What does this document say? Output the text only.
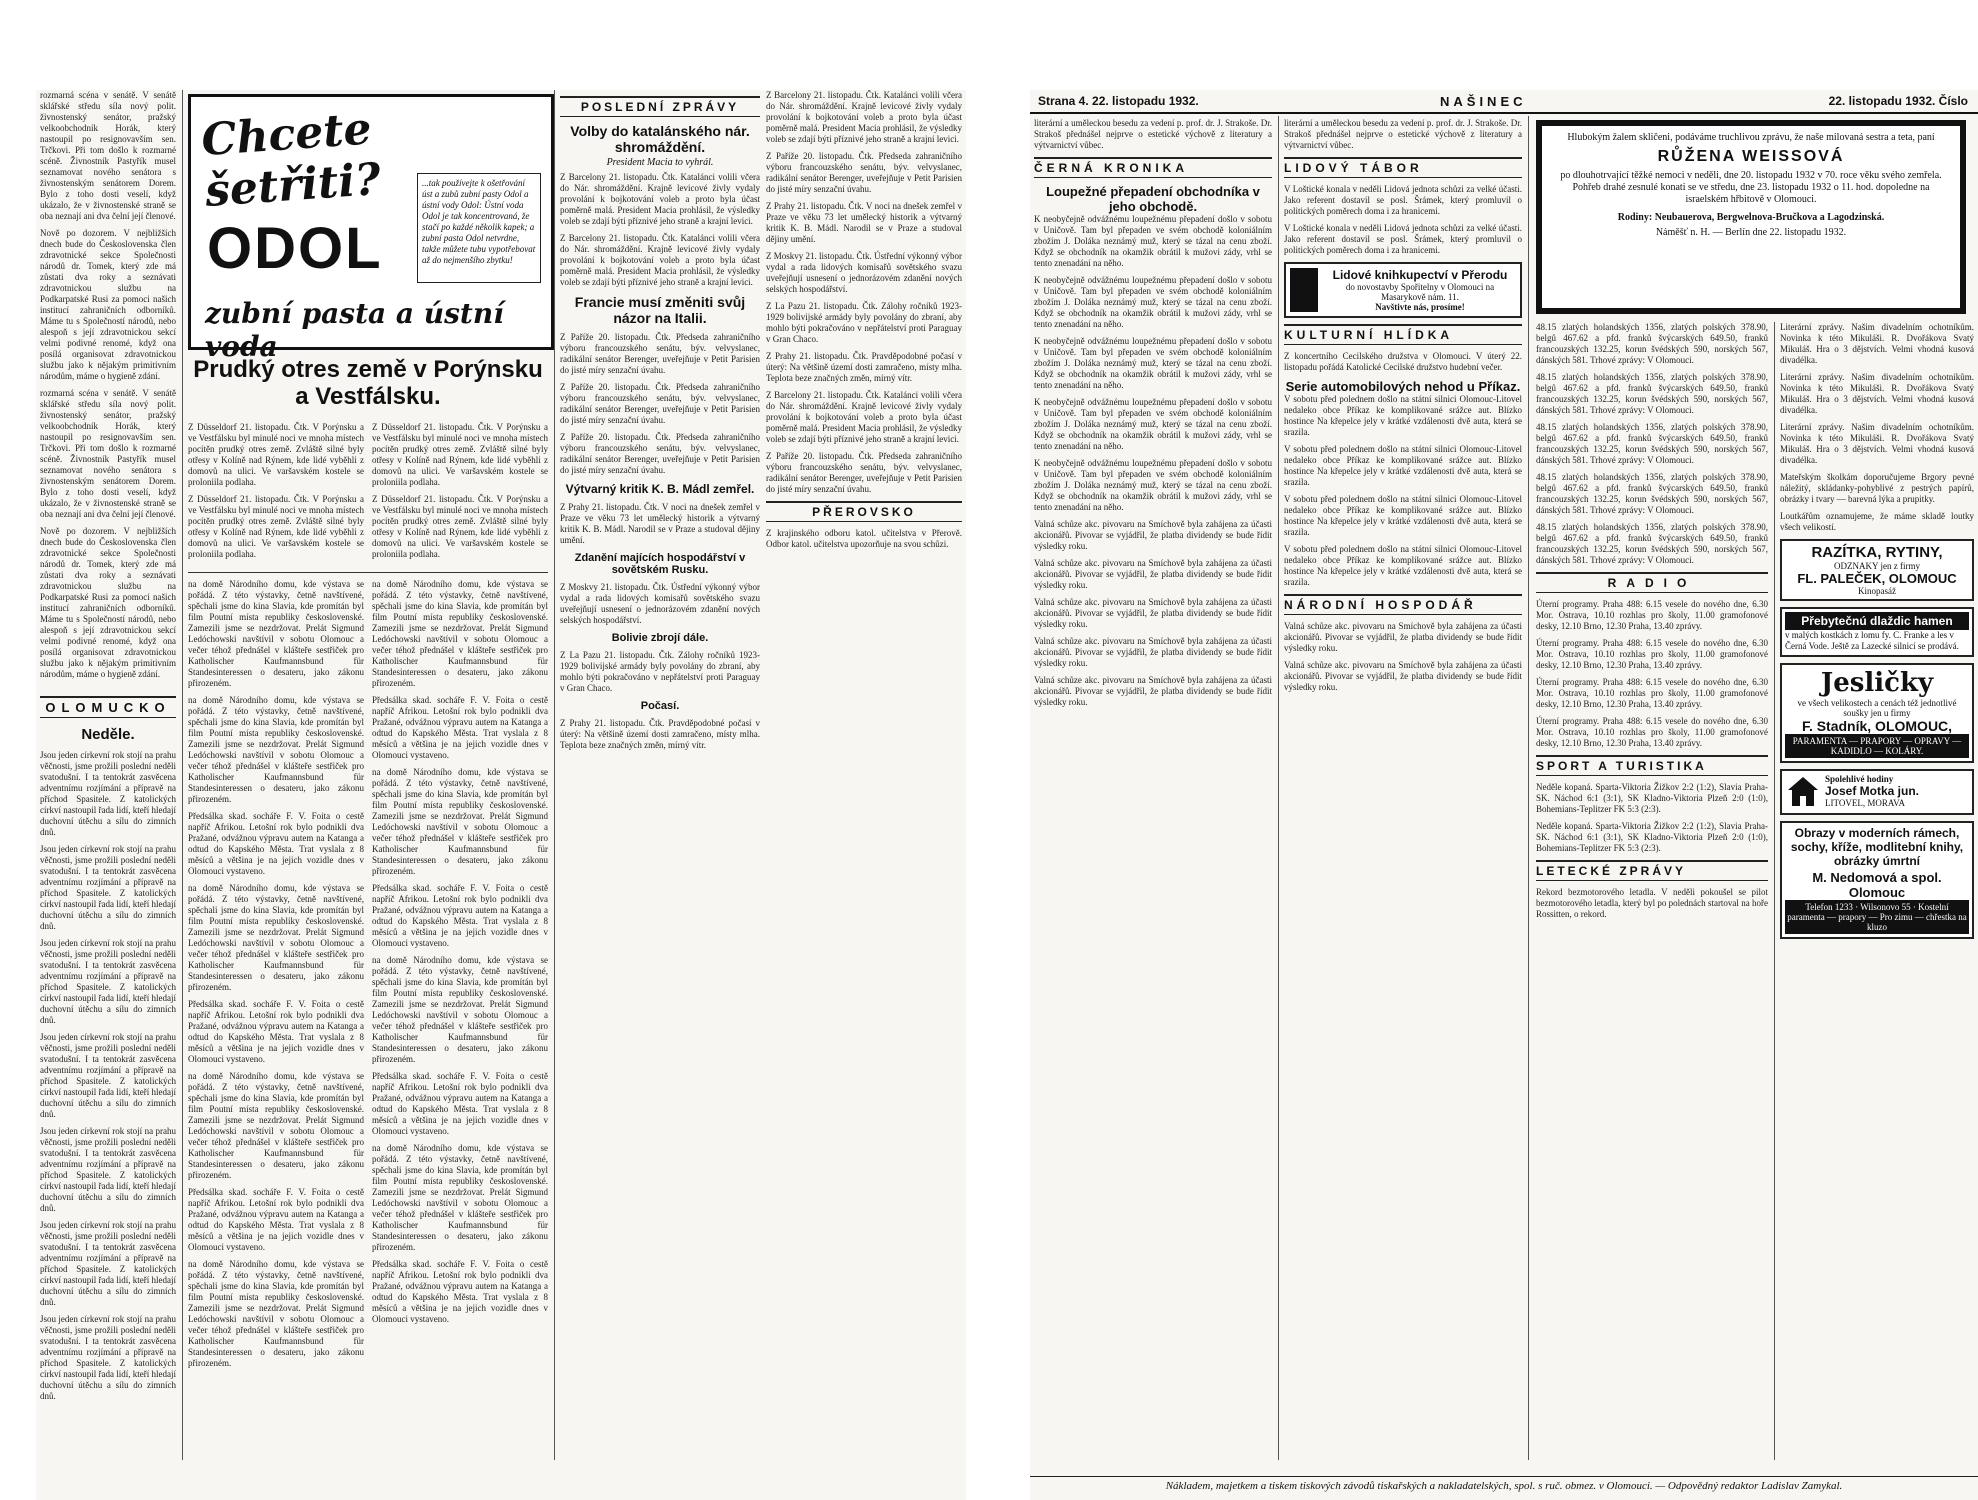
rozmarná scéna v senátě. V senátě sklářské středu síla nový polit. živnostenský senátor, pražský velkoobchodník Horák, který nastoupil po resignovavším sen. Trčkovi. Při tom došlo k rozmarné scéně. Živnostník Pastyřík musel seznamovat nového senátora s živnostenským senátorem Dorem. Bylo z toho dosti veselí, když ukázalo, že v živnostenské straně se oba neznají ani dva čelní její členové.

Nově po dozorem. V nejbližších dnech bude do Československa člen zdravotnické sekce Společnosti národů dr. Tomek, který zde má zůstati dva roky a seznávati zdravotnickou službu na Podkarpatské Rusi za pomoci našich institucí zahraničních odborníků. Máme tu s Společností národů, nebo alespoň s její zdravotnickou sekcí velmi podivné renomé, když ona posílá organisovat zdravotnickou službu jako k nějakým primitivním národům, máme o hygieně zdání.

rozmarná scéna v senátě. V senátě sklářské středu síla nový polit. živnostenský senátor, pražský velkoobchodník Horák, který nastoupil po resignovavším sen. Trčkovi. Při tom došlo k rozmarné scéně. Živnostník Pastyřík musel seznamovat nového senátora s živnostenským senátorem Dorem. Bylo z toho dosti veselí, když ukázalo, že v živnostenské straně se oba neznají ani dva čelní její členové.

Nově po dozorem. V nejbližších dnech bude do Československa člen zdravotnické sekce Společnosti národů dr. Tomek, který zde má zůstati dva roky a seznávati zdravotnickou službu na Podkarpatské Rusi za pomoci našich institucí zahraničních odborníků. Máme tu s Společností národů, nebo alespoň s její zdravotnickou sekcí velmi podivné renomé, když ona posílá organisovat zdravotnickou službu jako k nějakým primitivním národům, máme o hygieně zdání.

OLOMUCKO
Neděle.

Jsou jeden církevní rok stojí na prahu věčnosti, jsme prožili poslední neděli svatodušní. I ta tentokrát zasvěcena adventnímu rozjímání a přípravě na příchod Spasitele. Z katolických církví nastoupil řada lidí, kteří hledají duchovní útěchu a sílu do zimních dnů.

Jsou jeden církevní rok stojí na prahu věčnosti, jsme prožili poslední neděli svatodušní. I ta tentokrát zasvěcena adventnímu rozjímání a přípravě na příchod Spasitele. Z katolických církví nastoupil řada lidí, kteří hledají duchovní útěchu a sílu do zimních dnů.

Jsou jeden církevní rok stojí na prahu věčnosti, jsme prožili poslední neděli svatodušní. I ta tentokrát zasvěcena adventnímu rozjímání a přípravě na příchod Spasitele. Z katolických církví nastoupil řada lidí, kteří hledají duchovní útěchu a sílu do zimních dnů.

Jsou jeden církevní rok stojí na prahu věčnosti, jsme prožili poslední neděli svatodušní. I ta tentokrát zasvěcena adventnímu rozjímání a přípravě na příchod Spasitele. Z katolických církví nastoupil řada lidí, kteří hledají duchovní útěchu a sílu do zimních dnů.

Jsou jeden církevní rok stojí na prahu věčnosti, jsme prožili poslední neděli svatodušní. I ta tentokrát zasvěcena adventnímu rozjímání a přípravě na příchod Spasitele. Z katolických církví nastoupil řada lidí, kteří hledají duchovní útěchu a sílu do zimních dnů.

Jsou jeden církevní rok stojí na prahu věčnosti, jsme prožili poslední neděli svatodušní. I ta tentokrát zasvěcena adventnímu rozjímání a přípravě na příchod Spasitele. Z katolických církví nastoupil řada lidí, kteří hledají duchovní útěchu a sílu do zimních dnů.

Jsou jeden církevní rok stojí na prahu věčnosti, jsme prožili poslední neděli svatodušní. I ta tentokrát zasvěcena adventnímu rozjímání a přípravě na příchod Spasitele. Z katolických církví nastoupil řada lidí, kteří hledají duchovní útěchu a sílu do zimních dnů.

Chcete šetřiti?	...tak používejte k ošetřování úst a zubů zubní pasty Odol a ústní vody Odol: Ústní voda Odol je tak koncentrovaná, že stačí po každé několik kapek; a zubní pasta Odol netvrdne, takže můžete tubu vypotřebovat až do nejmenšího zbytku!
ODOL
zubní pasta a ústní voda
Prudký otres země v Porýnsku a Vestfálsku.

Z Düsseldorf 21. listopadu. Čtk. V Porýnsku a ve Vestfálsku byl minulé noci ve mnoha místech pocítěn prudký otres země. Zvláště silné byly otřesy v Kolíně nad Rýnem, kde lidé vyběhli z domovů na ulici. Ve varšavském kostele se proloniila podlaha.

Z Düsseldorf 21. listopadu. Čtk. V Porýnsku a ve Vestfálsku byl minulé noci ve mnoha místech pocítěn prudký otres země. Zvláště silné byly otřesy v Kolíně nad Rýnem, kde lidé vyběhli z domovů na ulici. Ve varšavském kostele se proloniila podlaha.

Z Düsseldorf 21. listopadu. Čtk. V Porýnsku a ve Vestfálsku byl minulé noci ve mnoha místech pocítěn prudký otres země. Zvláště silné byly otřesy v Kolíně nad Rýnem, kde lidé vyběhli z domovů na ulici. Ve varšavském kostele se proloniila podlaha.

Z Düsseldorf 21. listopadu. Čtk. V Porýnsku a ve Vestfálsku byl minulé noci ve mnoha místech pocítěn prudký otres země. Zvláště silné byly otřesy v Kolíně nad Rýnem, kde lidé vyběhli z domovů na ulici. Ve varšavském kostele se proloniila podlaha.

na domě Národního domu, kde výstava se pořádá. Z této výstavky, četně navštívené, spěchali jsme do kina Slavia, kde promítán byl film Poutní místa republiky československé. Zamezili jsme se nezdržovat. Prelát Sigmund Ledóchowski navštívil v sobotu Olomouc a večer téhož přednášel v klášteře sestřiček pro Katholischer Kaufmannsbund für Standesinteressen o desateru, jako zákonu přirozeném.

na domě Národního domu, kde výstava se pořádá. Z této výstavky, četně navštívené, spěchali jsme do kina Slavia, kde promítán byl film Poutní místa republiky československé. Zamezili jsme se nezdržovat. Prelát Sigmund Ledóchowski navštívil v sobotu Olomouc a večer téhož přednášel v klášteře sestřiček pro Katholischer Kaufmannsbund für Standesinteressen o desateru, jako zákonu přirozeném.

Předsálka skad. socháře F. V. Foita o cestě napříč Afrikou. Letošní rok bylo podnikli dva Pražané, odvážnou výpravu autem na Katanga a odtud do Kapského Města. Trat vyslala z 8 měsíců a většina je na jejich vozidle dnes v Olomouci vystaveno.

na domě Národního domu, kde výstava se pořádá. Z této výstavky, četně navštívené, spěchali jsme do kina Slavia, kde promítán byl film Poutní místa republiky československé. Zamezili jsme se nezdržovat. Prelát Sigmund Ledóchowski navštívil v sobotu Olomouc a večer téhož přednášel v klášteře sestřiček pro Katholischer Kaufmannsbund für Standesinteressen o desateru, jako zákonu přirozeném.

Předsálka skad. socháře F. V. Foita o cestě napříč Afrikou. Letošní rok bylo podnikli dva Pražané, odvážnou výpravu autem na Katanga a odtud do Kapského Města. Trat vyslala z 8 měsíců a většina je na jejich vozidle dnes v Olomouci vystaveno.

na domě Národního domu, kde výstava se pořádá. Z této výstavky, četně navštívené, spěchali jsme do kina Slavia, kde promítán byl film Poutní místa republiky československé. Zamezili jsme se nezdržovat. Prelát Sigmund Ledóchowski navštívil v sobotu Olomouc a večer téhož přednášel v klášteře sestřiček pro Katholischer Kaufmannsbund für Standesinteressen o desateru, jako zákonu přirozeném.

Předsálka skad. socháře F. V. Foita o cestě napříč Afrikou. Letošní rok bylo podnikli dva Pražané, odvážnou výpravu autem na Katanga a odtud do Kapského Města. Trat vyslala z 8 měsíců a většina je na jejich vozidle dnes v Olomouci vystaveno.

na domě Národního domu, kde výstava se pořádá. Z této výstavky, četně navštívené, spěchali jsme do kina Slavia, kde promítán byl film Poutní místa republiky československé. Zamezili jsme se nezdržovat. Prelát Sigmund Ledóchowski navštívil v sobotu Olomouc a večer téhož přednášel v klášteře sestřiček pro Katholischer Kaufmannsbund für Standesinteressen o desateru, jako zákonu přirozeném.

na domě Národního domu, kde výstava se pořádá. Z této výstavky, četně navštívené, spěchali jsme do kina Slavia, kde promítán byl film Poutní místa republiky československé. Zamezili jsme se nezdržovat. Prelát Sigmund Ledóchowski navštívil v sobotu Olomouc a večer téhož přednášel v klášteře sestřiček pro Katholischer Kaufmannsbund für Standesinteressen o desateru, jako zákonu přirozeném.

Předsálka skad. socháře F. V. Foita o cestě napříč Afrikou. Letošní rok bylo podnikli dva Pražané, odvážnou výpravu autem na Katanga a odtud do Kapského Města. Trat vyslala z 8 měsíců a většina je na jejich vozidle dnes v Olomouci vystaveno.

na domě Národního domu, kde výstava se pořádá. Z této výstavky, četně navštívené, spěchali jsme do kina Slavia, kde promítán byl film Poutní místa republiky československé. Zamezili jsme se nezdržovat. Prelát Sigmund Ledóchowski navštívil v sobotu Olomouc a večer téhož přednášel v klášteře sestřiček pro Katholischer Kaufmannsbund für Standesinteressen o desateru, jako zákonu přirozeném.

Předsálka skad. socháře F. V. Foita o cestě napříč Afrikou. Letošní rok bylo podnikli dva Pražané, odvážnou výpravu autem na Katanga a odtud do Kapského Města. Trat vyslala z 8 měsíců a většina je na jejich vozidle dnes v Olomouci vystaveno.

na domě Národního domu, kde výstava se pořádá. Z této výstavky, četně navštívené, spěchali jsme do kina Slavia, kde promítán byl film Poutní místa republiky československé. Zamezili jsme se nezdržovat. Prelát Sigmund Ledóchowski navštívil v sobotu Olomouc a večer téhož přednášel v klášteře sestřiček pro Katholischer Kaufmannsbund für Standesinteressen o desateru, jako zákonu přirozeném.

Předsálka skad. socháře F. V. Foita o cestě napříč Afrikou. Letošní rok bylo podnikli dva Pražané, odvážnou výpravu autem na Katanga a odtud do Kapského Města. Trat vyslala z 8 měsíců a většina je na jejich vozidle dnes v Olomouci vystaveno.

na domě Národního domu, kde výstava se pořádá. Z této výstavky, četně navštívené, spěchali jsme do kina Slavia, kde promítán byl film Poutní místa republiky československé. Zamezili jsme se nezdržovat. Prelát Sigmund Ledóchowski navštívil v sobotu Olomouc a večer téhož přednášel v klášteře sestřiček pro Katholischer Kaufmannsbund für Standesinteressen o desateru, jako zákonu přirozeném.

Předsálka skad. socháře F. V. Foita o cestě napříč Afrikou. Letošní rok bylo podnikli dva Pražané, odvážnou výpravu autem na Katanga a odtud do Kapského Města. Trat vyslala z 8 měsíců a většina je na jejich vozidle dnes v Olomouci vystaveno.

POSLEDNÍ ZPRÁVY
Volby do katalánského nár. shromáždění.
President Macia to vyhrál.

Z Barcelony 21. listopadu. Čtk. Katalánci volili včera do Nár. shromáždění. Krajně levicové živly vydaly provolání k bojkotování voleb a proto byla účast poměrně malá. President Macia prohlásil, že výsledky voleb se zdají býti příznivé jeho straně a krajní levici.

Z Barcelony 21. listopadu. Čtk. Katalánci volili včera do Nár. shromáždění. Krajně levicové živly vydaly provolání k bojkotování voleb a proto byla účast poměrně malá. President Macia prohlásil, že výsledky voleb se zdají býti příznivé jeho straně a krajní levici.

Francie musí změniti svůj názor na Italii.

Z Paříže 20. listopadu. Čtk. Předseda zahraničního výboru francouzského senátu, býv. velvyslanec, radikální senátor Berenger, uveřejňuje v Petit Parisien do jisté míry senzační úvahu.

Z Paříže 20. listopadu. Čtk. Předseda zahraničního výboru francouzského senátu, býv. velvyslanec, radikální senátor Berenger, uveřejňuje v Petit Parisien do jisté míry senzační úvahu.

Z Paříže 20. listopadu. Čtk. Předseda zahraničního výboru francouzského senátu, býv. velvyslanec, radikální senátor Berenger, uveřejňuje v Petit Parisien do jisté míry senzační úvahu.

Výtvarný kritik K. B. Mádl zemřel.

Z Prahy 21. listopadu. Čtk. V noci na dnešek zemřel v Praze ve věku 73 let umělecký historik a výtvarný kritik K. B. Mádl. Narodil se v Praze a studoval dějiny umění.

Zdanění majících hospodářství v sovětském Rusku.

Z Moskvy 21. listopadu. Čtk. Ústřední výkonný výbor vydal a rada lidových komisařů sovětského svazu uveřejňují usnesení o jednorázovém zdanění nových selských hospodářství.

Bolivie zbrojí dále.

Z La Pazu 21. listopadu. Čtk. Zálohy ročníků 1923-1929 bolivijské armády byly povolány do zbraní, aby mohlo býti pokračováno v nepřátelství proti Paraguay v Gran Chaco.

Počasí.

Z Prahy 21. listopadu. Čtk. Pravděpodobné počasí v úterý: Na většině území dosti zamračeno, místy mlha. Teplota beze značných změn, mírný vítr.

Z Barcelony 21. listopadu. Čtk. Katalánci volili včera do Nár. shromáždění. Krajně levicové živly vydaly provolání k bojkotování voleb a proto byla účast poměrně malá. President Macia prohlásil, že výsledky voleb se zdají býti příznivé jeho straně a krajní levici.

Z Paříže 20. listopadu. Čtk. Předseda zahraničního výboru francouzského senátu, býv. velvyslanec, radikální senátor Berenger, uveřejňuje v Petit Parisien do jisté míry senzační úvahu.

Z Prahy 21. listopadu. Čtk. V noci na dnešek zemřel v Praze ve věku 73 let umělecký historik a výtvarný kritik K. B. Mádl. Narodil se v Praze a studoval dějiny umění.

Z Moskvy 21. listopadu. Čtk. Ústřední výkonný výbor vydal a rada lidových komisařů sovětského svazu uveřejňují usnesení o jednorázovém zdanění nových selských hospodářství.

Z La Pazu 21. listopadu. Čtk. Zálohy ročníků 1923-1929 bolivijské armády byly povolány do zbraní, aby mohlo býti pokračováno v nepřátelství proti Paraguay v Gran Chaco.

Z Prahy 21. listopadu. Čtk. Pravděpodobné počasí v úterý: Na většině území dosti zamračeno, místy mlha. Teplota beze značných změn, mírný vítr.

Z Barcelony 21. listopadu. Čtk. Katalánci volili včera do Nár. shromáždění. Krajně levicové živly vydaly provolání k bojkotování voleb a proto byla účast poměrně malá. President Macia prohlásil, že výsledky voleb se zdají býti příznivé jeho straně a krajní levici.

Z Paříže 20. listopadu. Čtk. Předseda zahraničního výboru francouzského senátu, býv. velvyslanec, radikální senátor Berenger, uveřejňuje v Petit Parisien do jisté míry senzační úvahu.

PŘEROVSKO

Z krajinského odboru katol. učitelstva v Přerově. Odbor katol. učitelstva upozorňuje na svou schůzi.

Strana 4. 22. listopadu 1932.	NAŠINEC	22. listopadu 1932. Číslo

literární a uměleckou besedu za vedení p. prof. dr. J. Strakoše. Dr. Strakoš přednášel nejprve o estetické výchově z literatury a výtvarnictví vůbec.

ČERNÁ KRONIKA
Loupežné přepadení obchodníka v jeho obchodě.

K neobyčejně odvážnému loupežnému přepadení došlo v sobotu v Uničově. Tam byl přepaden ve svém obchodě koloniálním zbožím J. Doláka neznámý muž, který se tázal na cenu zboží. Když se obchodník na okamžik obrátil k mužovi zády, vrhl se tento znenadání na něho.

K neobyčejně odvážnému loupežnému přepadení došlo v sobotu v Uničově. Tam byl přepaden ve svém obchodě koloniálním zbožím J. Doláka neznámý muž, který se tázal na cenu zboží. Když se obchodník na okamžik obrátil k mužovi zády, vrhl se tento znenadání na něho.

K neobyčejně odvážnému loupežnému přepadení došlo v sobotu v Uničově. Tam byl přepaden ve svém obchodě koloniálním zbožím J. Doláka neznámý muž, který se tázal na cenu zboží. Když se obchodník na okamžik obrátil k mužovi zády, vrhl se tento znenadání na něho.

K neobyčejně odvážnému loupežnému přepadení došlo v sobotu v Uničově. Tam byl přepaden ve svém obchodě koloniálním zbožím J. Doláka neznámý muž, který se tázal na cenu zboží. Když se obchodník na okamžik obrátil k mužovi zády, vrhl se tento znenadání na něho.

K neobyčejně odvážnému loupežnému přepadení došlo v sobotu v Uničově. Tam byl přepaden ve svém obchodě koloniálním zbožím J. Doláka neznámý muž, který se tázal na cenu zboží. Když se obchodník na okamžik obrátil k mužovi zády, vrhl se tento znenadání na něho.

Valná schůze akc. pivovaru na Smíchově byla zahájena za účasti akcionářů. Pivovar se vyjádřil, že platba dividendy se bude řídit výsledky roku.

Valná schůze akc. pivovaru na Smíchově byla zahájena za účasti akcionářů. Pivovar se vyjádřil, že platba dividendy se bude řídit výsledky roku.

Valná schůze akc. pivovaru na Smíchově byla zahájena za účasti akcionářů. Pivovar se vyjádřil, že platba dividendy se bude řídit výsledky roku.

Valná schůze akc. pivovaru na Smíchově byla zahájena za účasti akcionářů. Pivovar se vyjádřil, že platba dividendy se bude řídit výsledky roku.

Valná schůze akc. pivovaru na Smíchově byla zahájena za účasti akcionářů. Pivovar se vyjádřil, že platba dividendy se bude řídit výsledky roku.

literární a uměleckou besedu za vedení p. prof. dr. J. Strakoše. Dr. Strakoš přednášel nejprve o estetické výchově z literatury a výtvarnictví vůbec.

LIDOVÝ TÁBOR

V Loštické konala v neděli Lidová jednota schůzi za velké účasti. Jako referent dostavil se posl. Šrámek, který promluvil o politických poměrech doma i za hranicemi.

V Loštické konala v neděli Lidová jednota schůzi za velké účasti. Jako referent dostavil se posl. Šrámek, který promluvil o politických poměrech doma i za hranicemi.

Lidové knihkupectví v Přerodu
do novostavby Spořitelny v Olomouci na Masarykově nám. 11.
Navštivte nás, prosíme!
KULTURNÍ HLÍDKA

Z koncertního Cecilského družstva v Olomouci. V úterý 22. listopadu pořádá Katolické Cecilské družstvo hudební večer.

Serie automobilových nehod u Příkaz.

V sobotu před polednem došlo na státní silnici Olomouc-Litovel nedaleko obce Příkaz ke komplikované srážce aut. Blízko hostince Na křepelce jely v krátké vzdálenosti dvě auta, která se srazila.

V sobotu před polednem došlo na státní silnici Olomouc-Litovel nedaleko obce Příkaz ke komplikované srážce aut. Blízko hostince Na křepelce jely v krátké vzdálenosti dvě auta, která se srazila.

V sobotu před polednem došlo na státní silnici Olomouc-Litovel nedaleko obce Příkaz ke komplikované srážce aut. Blízko hostince Na křepelce jely v krátké vzdálenosti dvě auta, která se srazila.

V sobotu před polednem došlo na státní silnici Olomouc-Litovel nedaleko obce Příkaz ke komplikované srážce aut. Blízko hostince Na křepelce jely v krátké vzdálenosti dvě auta, která se srazila.

NÁRODNÍ HOSPODÁŘ

Valná schůze akc. pivovaru na Smíchově byla zahájena za účasti akcionářů. Pivovar se vyjádřil, že platba dividendy se bude řídit výsledky roku.

Valná schůze akc. pivovaru na Smíchově byla zahájena za účasti akcionářů. Pivovar se vyjádřil, že platba dividendy se bude řídit výsledky roku.

Hlubokým žalem skličeni, podáváme truchlivou zprávu, že naše milovaná sestra a teta, paní
RŮŽENA WEISSOVÁ
po dlouhotrvající těžké nemoci v neděli, dne 20. listopadu 1932 v 70. roce věku svého zemřela. Pohřeb drahé zesnulé konati se ve středu, dne 23. listopadu 1932 o 11. hod. dopoledne na israelském hřbitově v Olomouci.
Rodiny: Neubauerova, Bergwelnova-Bručkova a Lagodzinská.
Náměšť n. H. — Berlín dne 22. listopadu 1932.

48.15 zlatých holandských 1356, zlatých polských 378.90, belgů 467.62 a pfd. franků švýcarských 649.50, franků francouzských 132.25, korun švédských 590, norských 567, dánských 581. Trhové zprávy: V Olomouci.

48.15 zlatých holandských 1356, zlatých polských 378.90, belgů 467.62 a pfd. franků švýcarských 649.50, franků francouzských 132.25, korun švédských 590, norských 567, dánských 581. Trhové zprávy: V Olomouci.

48.15 zlatých holandských 1356, zlatých polských 378.90, belgů 467.62 a pfd. franků švýcarských 649.50, franků francouzských 132.25, korun švédských 590, norských 567, dánských 581. Trhové zprávy: V Olomouci.

48.15 zlatých holandských 1356, zlatých polských 378.90, belgů 467.62 a pfd. franků švýcarských 649.50, franků francouzských 132.25, korun švédských 590, norských 567, dánských 581. Trhové zprávy: V Olomouci.

48.15 zlatých holandských 1356, zlatých polských 378.90, belgů 467.62 a pfd. franků švýcarských 649.50, franků francouzských 132.25, korun švédských 590, norských 567, dánských 581. Trhové zprávy: V Olomouci.

RADIO

Úterní programy. Praha 488: 6.15 vesele do nového dne, 6.30 Mor. Ostrava, 10.10 rozhlas pro školy, 11.00 gramofonové desky, 12.10 Brno, 12.30 Praha, 13.40 zprávy.

Úterní programy. Praha 488: 6.15 vesele do nového dne, 6.30 Mor. Ostrava, 10.10 rozhlas pro školy, 11.00 gramofonové desky, 12.10 Brno, 12.30 Praha, 13.40 zprávy.

Úterní programy. Praha 488: 6.15 vesele do nového dne, 6.30 Mor. Ostrava, 10.10 rozhlas pro školy, 11.00 gramofonové desky, 12.10 Brno, 12.30 Praha, 13.40 zprávy.

Úterní programy. Praha 488: 6.15 vesele do nového dne, 6.30 Mor. Ostrava, 10.10 rozhlas pro školy, 11.00 gramofonové desky, 12.10 Brno, 12.30 Praha, 13.40 zprávy.

SPORT A TURISTIKA

Neděle kopaná. Sparta-Viktoria Žižkov 2:2 (1:2), Slavia Praha-SK. Náchod 6:1 (3:1), SK Kladno-Viktoria Plzeň 2:0 (1:0), Bohemians-Teplitzer FK 5:3 (2:3).

Neděle kopaná. Sparta-Viktoria Žižkov 2:2 (1:2), Slavia Praha-SK. Náchod 6:1 (3:1), SK Kladno-Viktoria Plzeň 2:0 (1:0), Bohemians-Teplitzer FK 5:3 (2:3).

LETECKÉ ZPRÁVY

Rekord bezmotorového letadla. V neděli pokoušel se pilot bezmotorového letadla, který byl po polednách startoval na hoře Rossitten, o rekord.

Literární zprávy. Našim divadelním ochotníkům. Novinka k této Mikuláši. R. Dvořákova Svatý Mikuláš. Hra o 3 dějstvích. Velmi vhodná kusová divadélka.

Literární zprávy. Našim divadelním ochotníkům. Novinka k této Mikuláši. R. Dvořákova Svatý Mikuláš. Hra o 3 dějstvích. Velmi vhodná kusová divadélka.

Literární zprávy. Našim divadelním ochotníkům. Novinka k této Mikuláši. R. Dvořákova Svatý Mikuláš. Hra o 3 dějstvích. Velmi vhodná kusová divadélka.

Mateřským školkám doporučujeme Brgory pevné náležitý, skládanky-pohyblivé z pestrých papírů, obrázky i tvary — barevná lýka a prupitky.

Loutkářům oznamujeme, že máme skladě loutky všech velikostí.

RAZÍTKA, RYTINY,
ODZNAKY jen z firmy
FL. PALEČEK, OLOMOUC
Kinopasáž
Přebytečnú dlaždic hamen
v malých kostkách z lomu fy. C. Franke a les v Černá Vode. Ještě za Lazecké silnicí se prodává.
Jesličky
ve všech velikostech a cenách též jednotlivé soušky jen u firmy
F. Stadník, OLOMOUC,
PARAMENTA — PRAPORY — OPRAVY — KADIDLO — KOLÁRY.
Spolehlivé hodiny
Josef Motka jun.
LITOVEL, MORAVA
Obrazy v moderních rámech, sochy, kříže, modlitební knihy, obrázky úmrtní
M. Nedomová a spol. Olomouc
Telefon 1233 · Wilsonovo 55 · Kostelní paramenta — prapory — Pro zimu — chřestka na kluzo
Nákladem, majetkem a tiskem tiskových závodů tiskařských a nakladatelských, spol. s ruč. obmez. v Olomouci. — Odpovědný redaktor Ladislav Zamykal.
